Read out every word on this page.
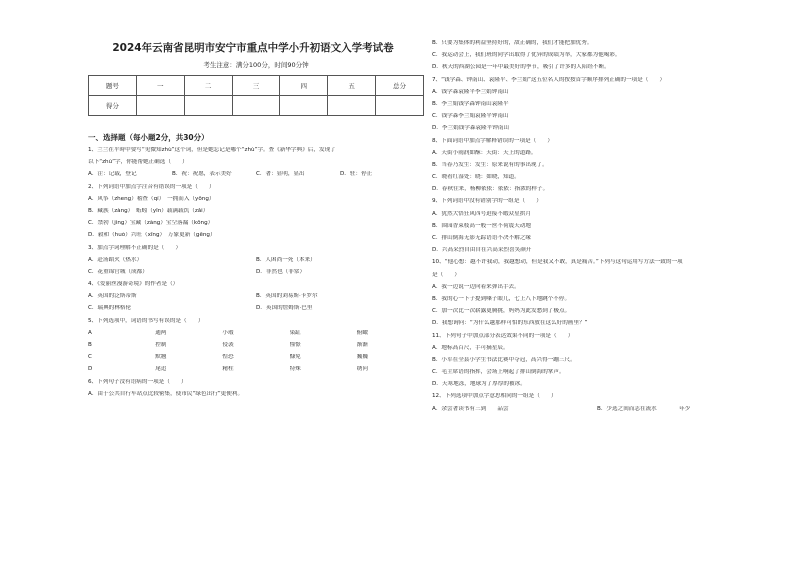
2024年云南省昆明市安宁市重点中学小升初语文入学考试卷
考生注意：满分100分，时间90分钟
题号	一	二	三	四	五	总分
得分						
一、选择题（每小题2分，共30分）
1、兰兰在平時中要写“见微知zhù”这个词，但是她忘记是哪个“zhù”字。查《新华字典》后，发现了
以下“zhù”字，你能帮她正确选（　　）
A．注：记载，登记	B．祝：祝愿，表示美好	C．著：显明，显出	D．驻：停止
2、下列词语中加点字注音有错误的一项是（　　）
A．风筝（zhenɡ）稽查（qí）　一拥而入（yōnɡ）
B．藏族（zànɡ）　蚯蚓（yǐn）载满载饥（zǎi）
C．禁勃（jìnɡ）宝藏（zànɡ）宝空落漏（kōnɡ）
D．毅和（huò）兴旺（xīnɡ）　万象更新（ɡēnɡ）
3、加点字词理解不正确的是（　　）
A．赴汤蹈火（热水）	B．人困尚一死（本来）
C．花重锦官城（成都）	D．非然也（非常）
4、《爱丽丝漫游奇境》的作者是（）
A．英国的泛斯蒂斯	B．英国的刘易斯·卡罗尔
C．瑞典的林格伦	D．英国的詹姆斯·巴里
5、下列选项中，词语的书写有误的是（　　）
A	通两	小瑕	染缸	俯瞰
B	控制	侵袭	憧憬	渐渐
C	默翘	惶恐	慷免	巍巍
D	尾追	精柱	特殊	绣问
6、下列句子没有语病的一项是（　　）
A．由于公共自行车站点比较密集，使市民“绿色出行”更便利。
B．只要为集体的利益坚持好的，敌正确的，我们才能把加优秀。
C．我运动会上，我们班的同学出取得了优异的成绩为举，大家都为他喝彩。
D．秋天的西湖公园是一年中最美好的季节，吸引了许多的人陪经不断。
7、“钱学森、钟南山、袁隆平、李兰娟”这五位名人的按按首字顺序排列正确的一项是（　　）
A．钱学森袁隆平李兰娟钟南山
B．李兰娟钱学森钟南山袁隆平
C．钱学森李兰娟袁隆平钟南山
D．李兰娟钱学森袁隆平钟南山
8、下面词语中加点字解释错误的一项是（　　）
A．天街小雨润如酥：天街：天上的道路。
B．当春乃发生：发生：原来说有的事出现了。
C．晓看红湿处：晓：如晓，知道。
D．春秋往来，杨柳依依：依依：指浓的样子。
9、下列词语中没有错别字的一组是（　　）
A．犹然大悟狂风四号迫接不暇众星拱月
B．围园香束枝高一般一丝不荷震天动地
C．排山倒海无影无踪语语不决不解之缘
D．兴高采烈自由自在兴高采烈喜笑颜开
10、“他心想：越不许我动，我越想动，但是我又不敢，真是痛苦。”下列与这句运用写方法一致的一项
是（　　）
A．我一边说一边向着来弹出手去。
B．我的心一下子提到嗓子眼儿，七上八下地跳个不停。
C．加一次比一次崭露更腾挑，妈妈为此发愁到了极点。
D．我想询问：“为什么越那样可怕的东西放在这么好的画里？”
11、下列句子中加点部分表达效果不同的一项是（　　）
A．地标高百尺，手可摘星辰。
B．小军在全县小学生书法比赛中夺冠，高兴得一蹦三尺。
C．毛主席语的指挥，会场上响起了排山倒海的掌声。
D．天寒地冻，地球为了厚厚的被冰。
12、下列选项中加点字意思相同的一组是（　　）
A．余尝著读书有三到　　品尝	B．少选之间而志在流水　　　　年少
